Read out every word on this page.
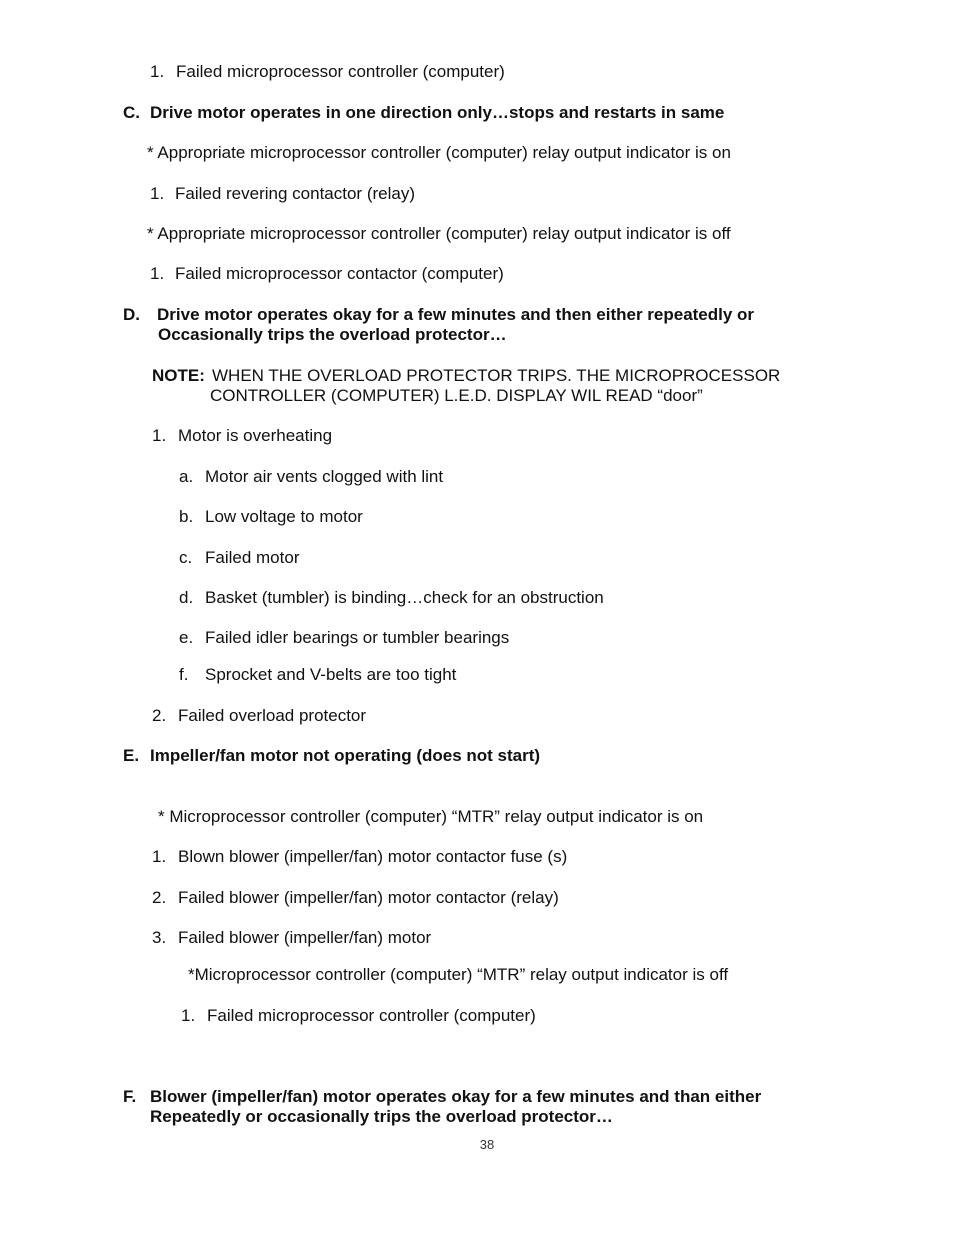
1. Failed microprocessor controller (computer)
C. Drive motor operates in one direction only…stops and restarts in same
* Appropriate microprocessor controller (computer) relay output indicator is on
1. Failed revering contactor (relay)
* Appropriate microprocessor controller (computer) relay output indicator is off
1. Failed microprocessor contactor (computer)
D. Drive motor operates okay for a few minutes and then either repeatedly or
Occasionally trips the overload protector…
NOTE: WHEN THE OVERLOAD PROTECTOR TRIPS. THE MICROPROCESSOR
CONTROLLER (COMPUTER) L.E.D. DISPLAY WIL READ “door”
1. Motor is overheating
a. Motor air vents clogged with lint
b. Low voltage to motor
c. Failed motor
d. Basket (tumbler) is binding…check for an obstruction
e. Failed idler bearings or tumbler bearings
f. Sprocket and V-belts are too tight
2. Failed overload protector
E. Impeller/fan motor not operating (does not start)
* Microprocessor controller (computer) “MTR” relay output indicator is on
1. Blown blower (impeller/fan) motor contactor fuse (s)
2. Failed blower (impeller/fan) motor contactor (relay)
3. Failed blower (impeller/fan) motor
*Microprocessor controller (computer) “MTR” relay output indicator is off
1. Failed microprocessor controller (computer)
F. Blower (impeller/fan) motor operates okay for a few minutes and than either
Repeatedly or occasionally trips the overload protector…
38
